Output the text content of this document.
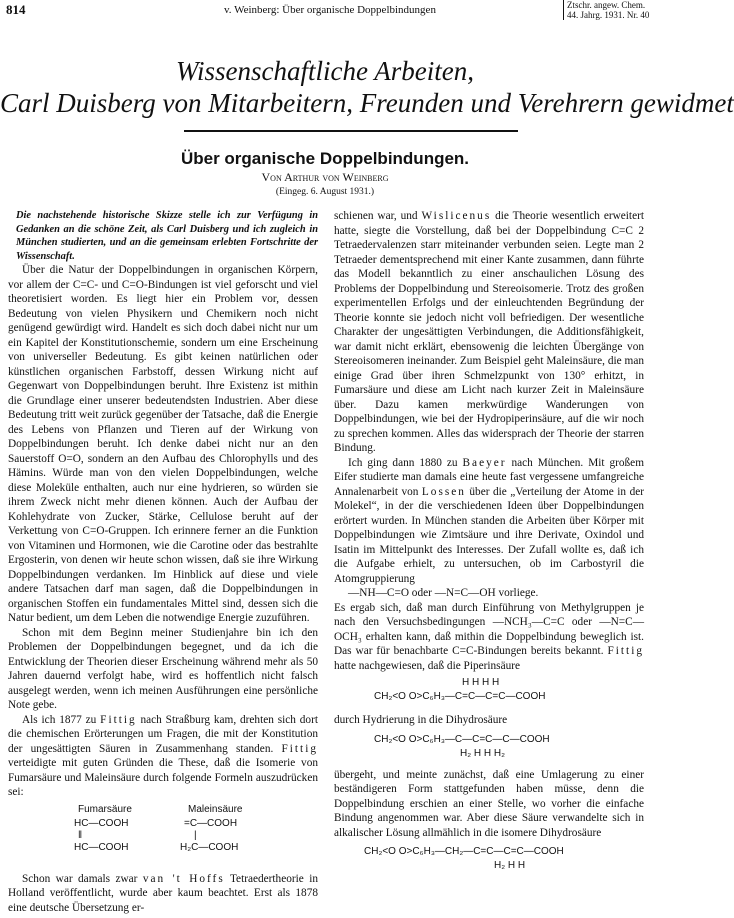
814	v. Weinberg: Über organische Doppelbindungen	Ztschr. angew. Chem.
44. Jahrg. 1931. Nr. 40
Wissenschaftliche Arbeiten,
Carl Duisberg von Mitarbeitern, Freunden und Verehrern gewidmet
Über organische Doppelbindungen.
Von Arthur von Weinberg
(Eingeg. 6. August 1931.)

Die nachstehende historische Skizze stelle ich zur Verfügung in Gedanken an die schöne Zeit, als Carl Duisberg und ich zugleich in München studierten, und an die gemeinsam erlebten Fortschritte der Wissenschaft.

Über die Natur der Doppelbindungen in organischen Körpern, vor allem der C=C- und C=O-Bindungen ist viel geforscht und viel theoretisiert worden. Es liegt hier ein Problem vor, dessen Bedeutung von vielen Physikern und Chemikern noch nicht genügend gewürdigt wird. Handelt es sich doch dabei nicht nur um ein Kapitel der Konstitutionschemie, sondern um eine Erscheinung von universeller Bedeutung. Es gibt keinen natürlichen oder künstlichen organischen Farbstoff, dessen Wirkung nicht auf Gegenwart von Doppelbindungen beruht. Ihre Existenz ist mithin die Grundlage einer unserer bedeutendsten Industrien. Aber diese Bedeutung tritt weit zurück gegenüber der Tatsache, daß die Energie des Lebens von Pflanzen und Tieren auf der Wirkung von Doppelbindungen beruht. Ich denke dabei nicht nur an den Sauerstoff O=O, sondern an den Aufbau des Chlorophylls und des Hämins. Würde man von den vielen Doppelbindungen, welche diese Moleküle enthalten, auch nur eine hydrieren, so würden sie ihrem Zweck nicht mehr dienen können. Auch der Aufbau der Kohlehydrate von Zucker, Stärke, Cellulose beruht auf der Verkettung von C=O-Gruppen. Ich erinnere ferner an die Funktion von Vitaminen und Hormonen, wie die Carotine oder das bestrahlte Ergosterin, von denen wir heute schon wissen, daß sie ihre Wirkung Doppelbindungen verdanken. Im Hinblick auf diese und viele andere Tatsachen darf man sagen, daß die Doppelbindungen in organischen Stoffen ein fundamentales Mittel sind, dessen sich die Natur bedient, um dem Leben die notwendige Energie zuzuführen.

Schon mit dem Beginn meiner Studienjahre bin ich den Problemen der Doppelbindungen begegnet, und da ich die Entwicklung der Theorien dieser Erscheinung während mehr als 50 Jahren dauernd verfolgt habe, wird es hoffentlich nicht falsch ausgelegt werden, wenn ich meinen Ausführungen eine persönliche Note gebe.

Als ich 1877 zu Fittig nach Straßburg kam, drehten sich dort die chemischen Erörterungen um Fragen, die mit der Konstitution der ungesättigten Säuren in Zusammenhang standen. Fittig verteidigte mit guten Gründen die These, daß die Isomerie von Fumarsäure und Maleinsäure durch folgende Formeln auszudrücken sei:

Fumarsäure	Maleinsäure
HC—COOH
‖
HC—COOH
=C—COOH
|
H₂C—COOH

Schon war damals zwar van 't Hoffs Tetraedertheorie in Holland veröffentlicht, wurde aber kaum beachtet. Erst als 1878 eine deutsche Übersetzung er-

schienen war, und Wislicenus die Theorie wesentlich erweitert hatte, siegte die Vorstellung, daß bei der Doppelbindung C=C 2 Tetraedervalenzen starr miteinander verbunden seien. Legte man 2 Tetraeder dementsprechend mit einer Kante zusammen, dann führte das Modell bekanntlich zu einer anschaulichen Lösung des Problems der Doppelbindung und Stereoisomerie. Trotz des großen experimentellen Erfolgs und der einleuchtenden Begründung der Theorie konnte sie jedoch nicht voll befriedigen. Der wesentliche Charakter der ungesättigten Verbindungen, die Additionsfähigkeit, war damit nicht erklärt, ebensowenig die leichten Übergänge von Stereoisomeren ineinander. Zum Beispiel geht Maleinsäure, die man einige Grad über ihren Schmelzpunkt von 130° erhitzt, in Fumarsäure und diese am Licht nach kurzer Zeit in Maleinsäure über. Dazu kamen merkwürdige Wanderungen von Doppelbindungen, wie bei der Hydropiperinsäure, auf die wir noch zu sprechen kommen. Alles das widersprach der Theorie der starren Bindung.

Ich ging dann 1880 zu Baeyer nach München. Mit großem Eifer studierte man damals eine heute fast vergessene umfangreiche Annalenarbeit von Lossen über die „Verteilung der Atome in der Molekel“, in der die verschiedenen Ideen über Doppelbindungen erörtert wurden. In München standen die Arbeiten über Körper mit Doppelbindungen wie Zimtsäure und ihre Derivate, Oxindol und Isatin im Mittelpunkt des Interesses. Der Zufall wollte es, daß ich die Aufgabe erhielt, zu untersuchen, ob im Carbostyril die Atomgruppierung

—NH—C=O oder —N=C—OH vorliege.

Es ergab sich, daß man durch Einführung von Methylgruppen je nach den Versuchsbedingungen —NCH₃—C=C oder —N=C—OCH₃ erhalten kann, daß mithin die Doppelbindung beweglich ist. Das war für benachbarte C=C-Bindungen bereits bekannt. Fittig hatte nachgewiesen, daß die Piperinsäure

H H H H
CH₂<O O>C₆H₃—C=C—C=C—COOH

durch Hydrierung in die Dihydrosäure

CH₂<O O>C₆H₃—C—C=C—C—COOH
H₂ H H H₂

übergeht, und meinte zunächst, daß eine Umlagerung zu einer beständigeren Form stattgefunden haben müsse, denn die Doppelbindung erschien an einer Stelle, wo vorher die einfache Bindung angenommen war. Aber diese Säure verwandelte sich in alkalischer Lösung allmählich in die isomere Dihydrosäure

CH₂<O O>C₆H₃—CH₂—C=C—C=C—COOH
H₂ H H
